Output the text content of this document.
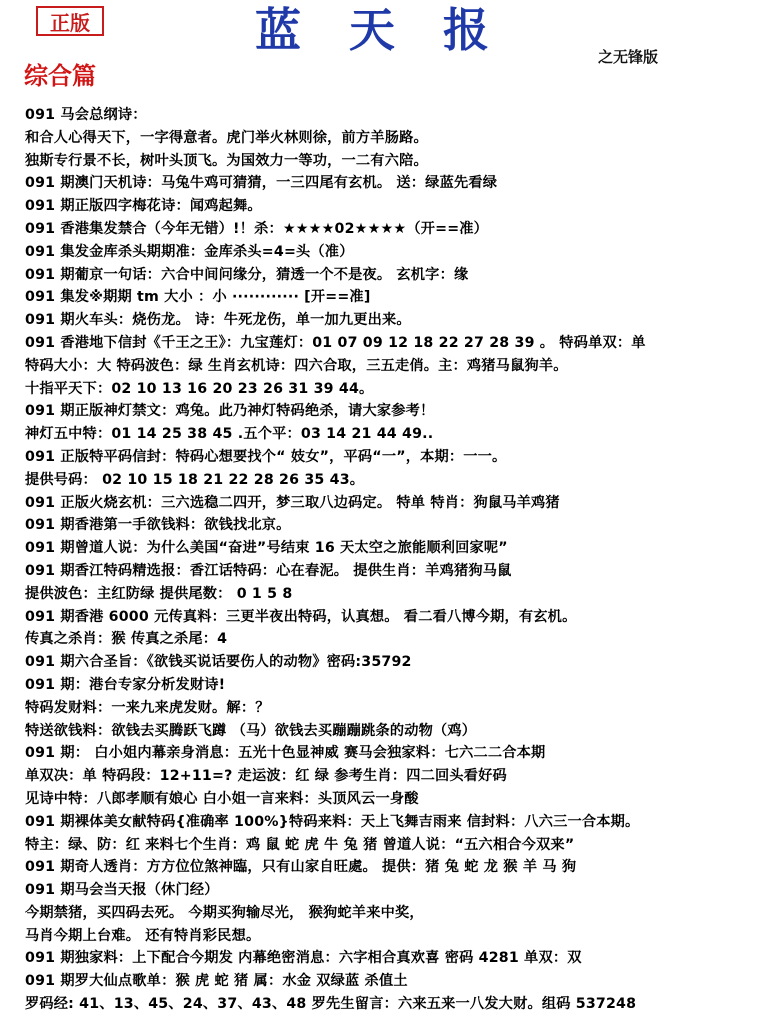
正版	蓝 天 报	之无锋版
综合篇
091 马会总纲诗：
和合人心得天下，一字得意者。虎门举火林则徐，前方羊肠路。
独斯专行景不长，树叶头顶飞。为国效力一等功，一二有六陪。
091 期澳门天机诗：马兔牛鸡可猜猜，一三四尾有玄机。 送：绿蓝先看绿
091 期正版四字梅花诗：闻鸡起舞。
091 香港集发禁合（今年无错）!！杀：★★★★02★★★★（开==准）
091 集发金库杀头期期准：金库杀头=4=头（准）
091 期葡京一句话：六合中间问缘分，猜透一个不是夜。 玄机字：缘
091 集发※期期 tm 大小 ：小 ············ [开==准]
091 期火车头：烧伤龙。 诗：牛死龙伤，单一加九更出来。
091 香港地下信封《千王之王》：九宝莲灯：01 07 09 12 18 22 27 28 39 。 特码单双：单
特码大小：大 特码波色：绿 生肖玄机诗：四六合取，三五走俏。主：鸡猪马鼠狗羊。
十指平天下：02 10 13 16 20 23 26 31 39 44。
091 期正版神灯禁文：鸡兔。此乃神灯特码绝杀，请大家参考！
神灯五中特：01 14 25 38 45 .五个平：03 14 21 44 49..
091 正版特平码信封：特码心想要找个“ 妓女”，平码“一”，本期：一一。
提供号码： 02 10 15 18 21 22 28 26 35 43。
091 正版火烧玄机：三六选稳二四开，梦三取八边码定。 特单 特肖：狗鼠马羊鸡猪
091 期香港第一手欲钱料：欲钱找北京。
091 期曾道人说：为什么美国“奋进”号结束 16 天太空之旅能顺利回家呢”
091 期香江特码精选报：香江话特码：心在春泥。 提供生肖：羊鸡猪狗马鼠
提供波色：主红防绿 提供尾数： 0 1 5 8
091 期香港 6000 元传真料：三更半夜出特码，认真想。 看二看八博今期，有玄机。
传真之杀肖：猴 传真之杀尾：4
091 期六合圣旨：《欲钱买说话要伤人的动物》密码:35792
091 期：港台专家分析发财诗!
特码发财料：一来九来虎发财。解：？
特送欲钱料：欲钱去买腾跃飞蹲 （马）欲钱去买蹦蹦跳条的动物（鸡）
091 期： 白小姐内幕亲身消息：五光十色显神威 赛马会独家料：七六二二合本期
单双决：单 特码段：12+11=? 走运波：红 绿 参考生肖：四二回头看好码
见诗中特：八郎孝顺有娘心 白小姐一言来料：头顶风云一身酸
091 期裸体美女献特码{准确率 100%}特码来料：天上飞舞吉雨来 信封料：八六三一合本期。
特主：绿、防：红 来料七个生肖：鸡 鼠 蛇 虎 牛 兔 猪 曾道人说：“五六相合今双来”
091 期奇人透肖：方方位位煞神臨，只有山家自旺處。 提供：猪 兔 蛇 龙 猴 羊 马 狗
091 期马会当天报（休门经）
今期禁猪，买四码去死。 今期买狗输尽光， 猴狗蛇羊来中奖，
马肖今期上台难。 还有特肖彩民想。
091 期独家料：上下配合今期发 内幕绝密消息：六字相合真欢喜 密码 4281 单双：双
091 期罗大仙点歌单：猴 虎 蛇 猪 属：水金 双绿蓝 杀值土
罗码经: 41、13、45、24、37、43、48 罗先生留言：六来五来一八发大财。组码 537248
